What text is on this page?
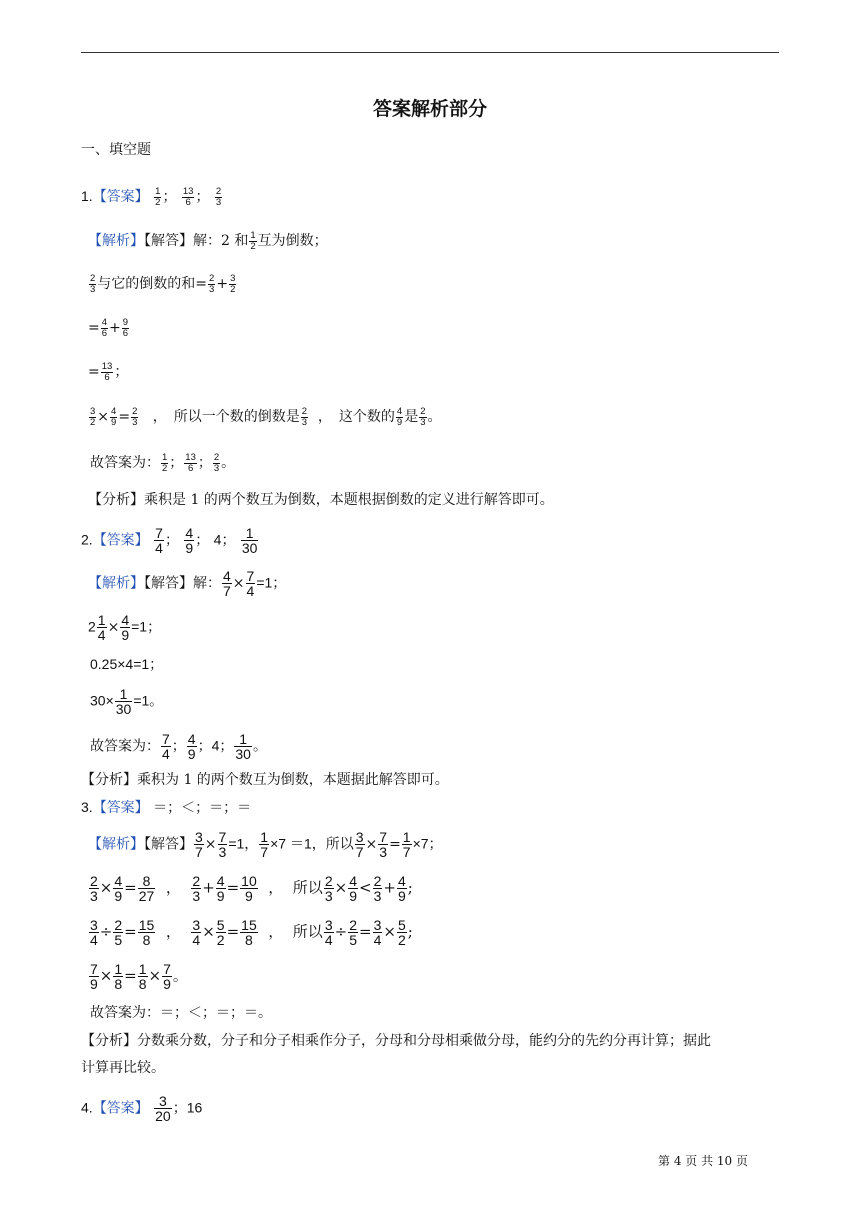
答案解析部分
一、填空题
1.【答案】 $\frac{1}{2}$ ； $\frac{13}{6}$ ； $\frac{2}{3}$
【解析】【解答】解：2 和 $\frac{1}{2}$ 互为倒数；
$\frac{2}{3}$ 与它的倒数的和= $\frac{2}{3} + \frac{3}{2}$
= $\frac{4}{6} + \frac{9}{6}$
= $\frac{13}{6}$ ；
$\frac{3}{2} \times \frac{4}{9} = \frac{2}{3}$ ，　所以一个数的倒数是 $\frac{2}{3}$ ，　这个数的 $\frac{4}{9}$ 是 $\frac{2}{3}$ 。
故答案为： $\frac{1}{2}$ ； $\frac{13}{6}$ ； $\frac{2}{3}$ 。
【分析】乘积是 1 的两个数互为倒数，本题根据倒数的定义进行解答即可。
2.【答案】 $\frac{7}{4}$ ； $\frac{4}{9}$ ； 4； $\frac{1}{30}$
【解析】【解答】解： $\frac{4}{7} \times \frac{7}{4} =1$；
$2 \frac{1}{4} \times \frac{4}{9} =1$；
0.25×4=1；
$30\times \frac{1}{30} =1$。
故答案为： $\frac{7}{4}$ ； $\frac{4}{9}$ ；4； $\frac{1}{30}$ 。
【分析】乘积为 1 的两个数互为倒数，本题据此解答即可。
3.【答案】 ＝；＜；＝；＝
【解析】【解答】 $\frac{3}{7} \times \frac{7}{3} =1$， $\frac{1}{7} \times 7 =1$，所以 $\frac{3}{7} \times \frac{7}{3} = \frac{1}{7} \times 7$；
$\frac{2}{3} \times \frac{4}{9} = \frac{8}{27}$ ， $\frac{2}{3} + \frac{4}{9} = \frac{10}{9}$ ，  所以 $\frac{2}{3} \times \frac{4}{9} < \frac{2}{3} + \frac{4}{9}$ ;
$\frac{3}{4} \div \frac{2}{5} = \frac{15}{8}$ ， $\frac{3}{4} \times \frac{5}{2} = \frac{15}{8}$ ，  所以 $\frac{3}{4} \div \frac{2}{5} = \frac{3}{4} \times \frac{5}{2}$ ;
$\frac{7}{9} \times \frac{1}{8} = \frac{1}{8} \times \frac{7}{9}$ 。
故答案为：＝；＜；＝；＝。
【分析】分数乘分数，分子和分子相乘作分子，分母和分母相乘做分母，能约分的先约分再计算；据此
计算再比较。
4.【答案】 $\frac{3}{20}$ ；16
第 4 页 共 10 页
